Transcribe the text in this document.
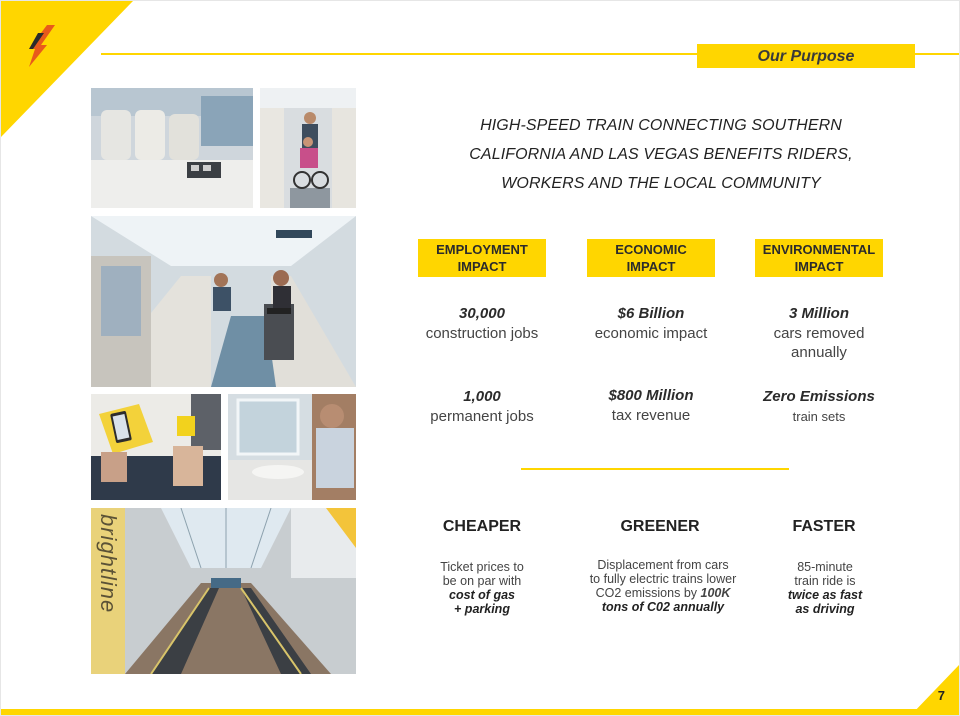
Our Purpose
brightline
HIGH-SPEED TRAIN CONNECTING SOUTHERN
CALIFORNIA AND LAS VEGAS BENEFITS RIDERS,
WORKERS AND THE LOCAL COMMUNITY
EMPLOYMENT
IMPACT
ECONOMIC
IMPACT
ENVIRONMENTAL
IMPACT
30,000
construction jobs
$6 Billion
economic impact
3 Million
cars removed
annually
1,000
permanent jobs
$800 Million
tax revenue
Zero Emissions
train sets
CHEAPER	GREENER	FASTER
Ticket prices to
be on par with
cost of gas
+ parking
Displacement from cars
to fully electric trains lower
CO2 emissions by 100K
tons of C02 annually
85-minute
train ride is
twice as fast
as driving
7
